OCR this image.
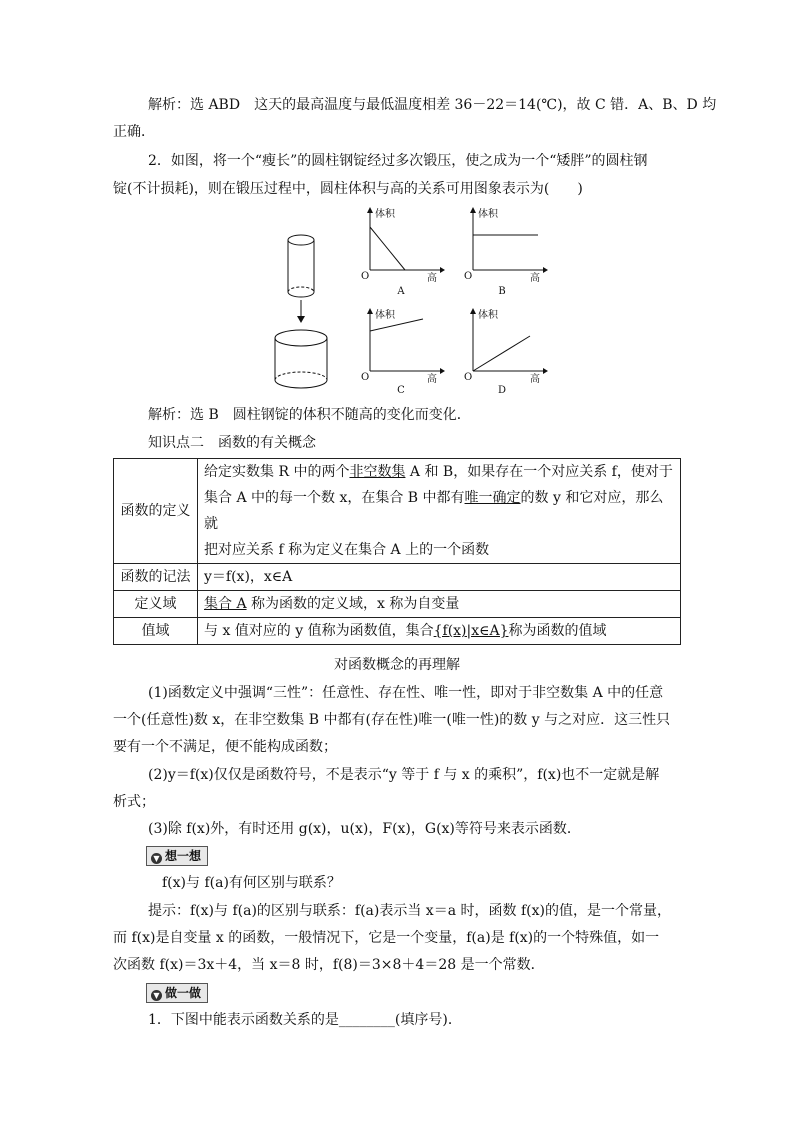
解析：选 ABD　这天的最高温度与最低温度相差 36－22＝14(℃)，故 C 错．A、B、D 均
正确．
2．如图，将一个“瘦长”的圆柱钢锭经过多次锻压，使之成为一个“矮胖”的圆柱钢
锭(不计损耗)，则在锻压过程中，圆柱体积与高的关系可用图象表示为(　　)
体积
O	高
A
体积
O	高
B
体积
O	高
C
体积
O	高
D
解析：选 B　圆柱钢锭的体积不随高的变化而变化．
知识点二　函数的有关概念
函数的定义	给定实数集 R 中的两个非空数集 A 和 B，如果存在一个对应关系 f，使对于
集合 A 中的每一个数 x，在集合 B 中都有唯一确定的数 y 和它对应，那么就
把对应关系 f 称为定义在集合 A 上的一个函数

函数的记法	y＝f(x)，x∈A
定义域	集合 A 称为函数的定义域，x 称为自变量
值域	与 x 值对应的 y 值称为函数值，集合{f(x)|x∈A}称为函数的值域
对函数概念的再理解
(1)函数定义中强调“三性”：任意性、存在性、唯一性，即对于非空数集 A 中的任意
一个(任意性)数 x，在非空数集 B 中都有(存在性)唯一(唯一性)的数 y 与之对应．这三性只
要有一个不满足，便不能构成函数；
(2)y＝f(x)仅仅是函数符号，不是表示“y 等于 f 与 x 的乘积”，f(x)也不一定就是解
析式；
(3)除 f(x)外，有时还用 g(x)，u(x)，F(x)，G(x)等符号来表示函数．
▼ 想一想
f(x)与 f(a)有何区别与联系？
提示：f(x)与 f(a)的区别与联系：f(a)表示当 x＝a 时，函数 f(x)的值，是一个常量，
而 f(x)是自变量 x 的函数，一般情况下，它是一个变量，f(a)是 f(x)的一个特殊值，如一
次函数 f(x)＝3x＋4，当 x＝8 时，f(8)＝3×8＋4＝28 是一个常数．
▼ 做一做
1．下图中能表示函数关系的是________(填序号)．
